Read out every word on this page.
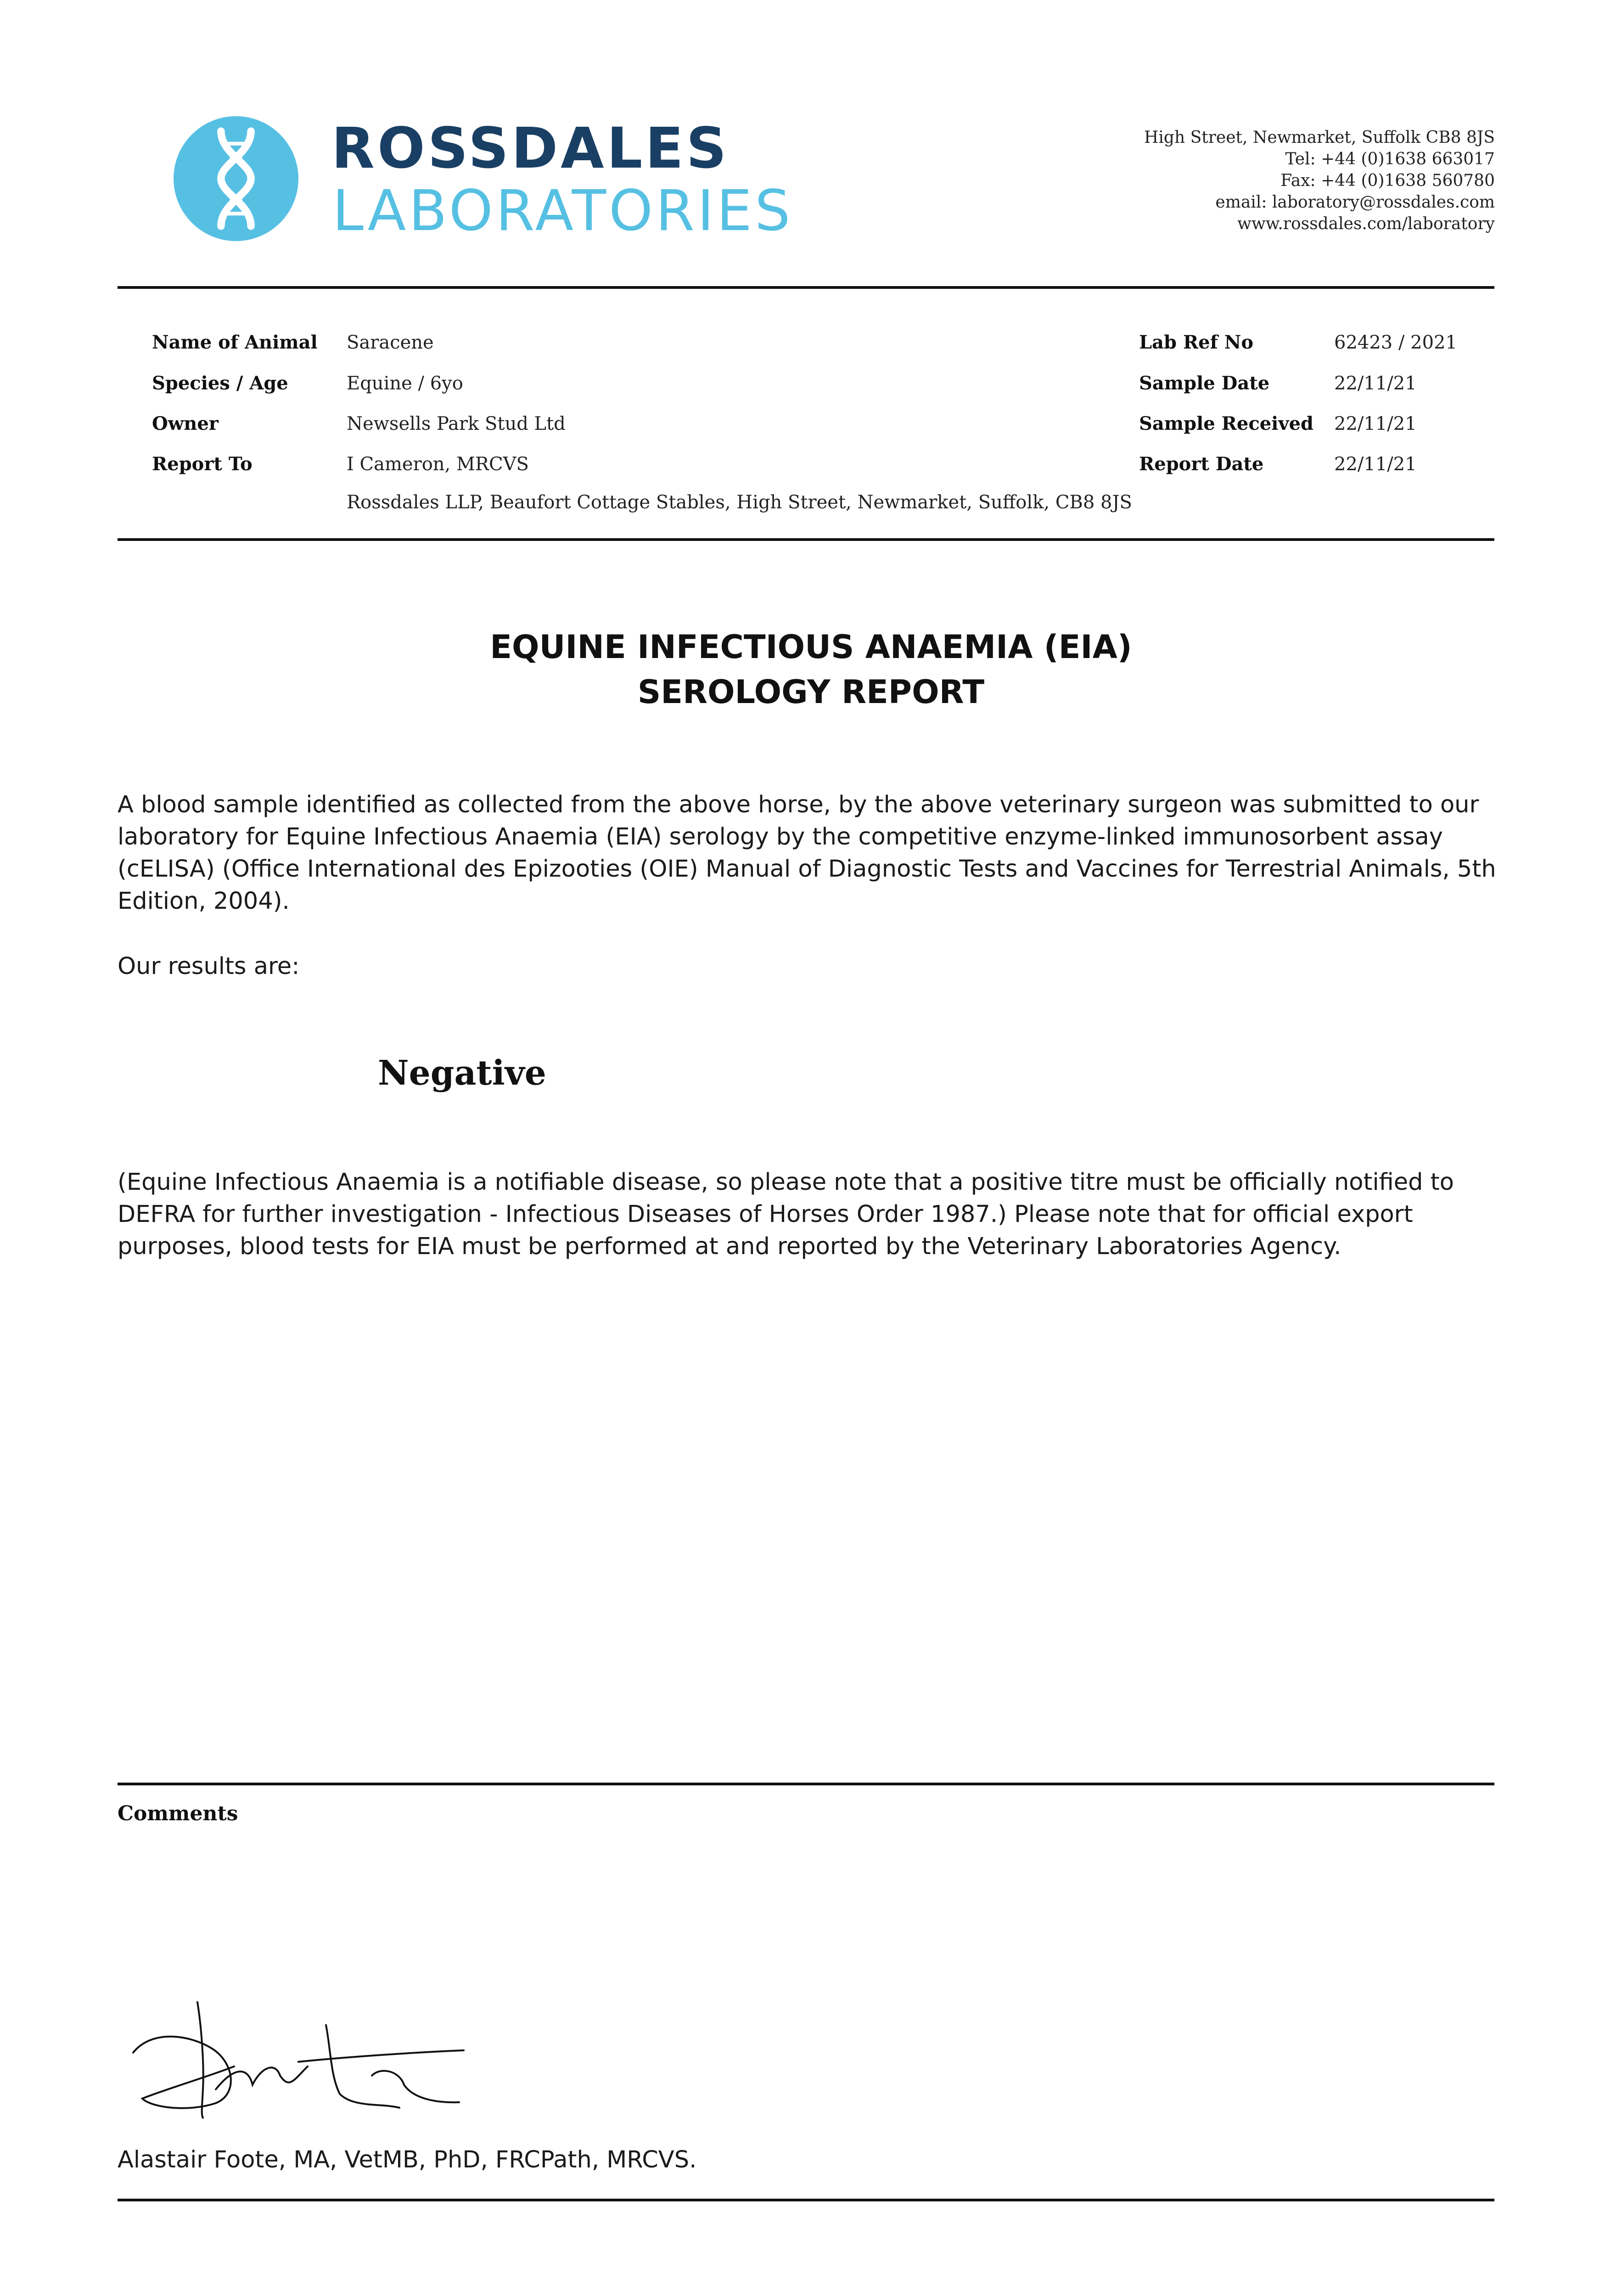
ROSSDALES
LABORATORIES
High Street, Newmarket, Suffolk CB8 8JS
Tel: +44 (0)1638 663017
Fax: +44 (0)1638 560780
email: laboratory@rossdales.com
www.rossdales.com/laboratory
Name of Animal Saracene
Species / Age	Equine / 6yo
Owner	Newsells Park Stud Ltd
Report To	I Cameron, MRCVS
Rossdales LLP, Beaufort Cottage Stables, High Street, Newmarket, Suffolk, CB8 8JS
Lab Ref No	62423 / 2021
Sample Date	22/11/21
Sample Received 22/11/21
Report Date	22/11/21
EQUINE INFECTIOUS ANAEMIA (EIA)
SEROLOGY REPORT
A blood sample identified as collected from the above horse, by the above veterinary surgeon was submitted to our
laboratory for Equine Infectious Anaemia (EIA) serology by the competitive enzyme-linked immunosorbent assay
(cELISA) (Office International des Epizooties (OIE) Manual of Diagnostic Tests and Vaccines for Terrestrial Animals, 5th
Edition, 2004).
Our results are:
Negative
(Equine Infectious Anaemia is a notifiable disease, so please note that a positive titre must be officially notified to
DEFRA for further investigation - Infectious Diseases of Horses Order 1987.) Please note that for official export
purposes, blood tests for EIA must be performed at and reported by the Veterinary Laboratories Agency.
Comments
Alastair Foote, MA, VetMB, PhD, FRCPath, MRCVS.
